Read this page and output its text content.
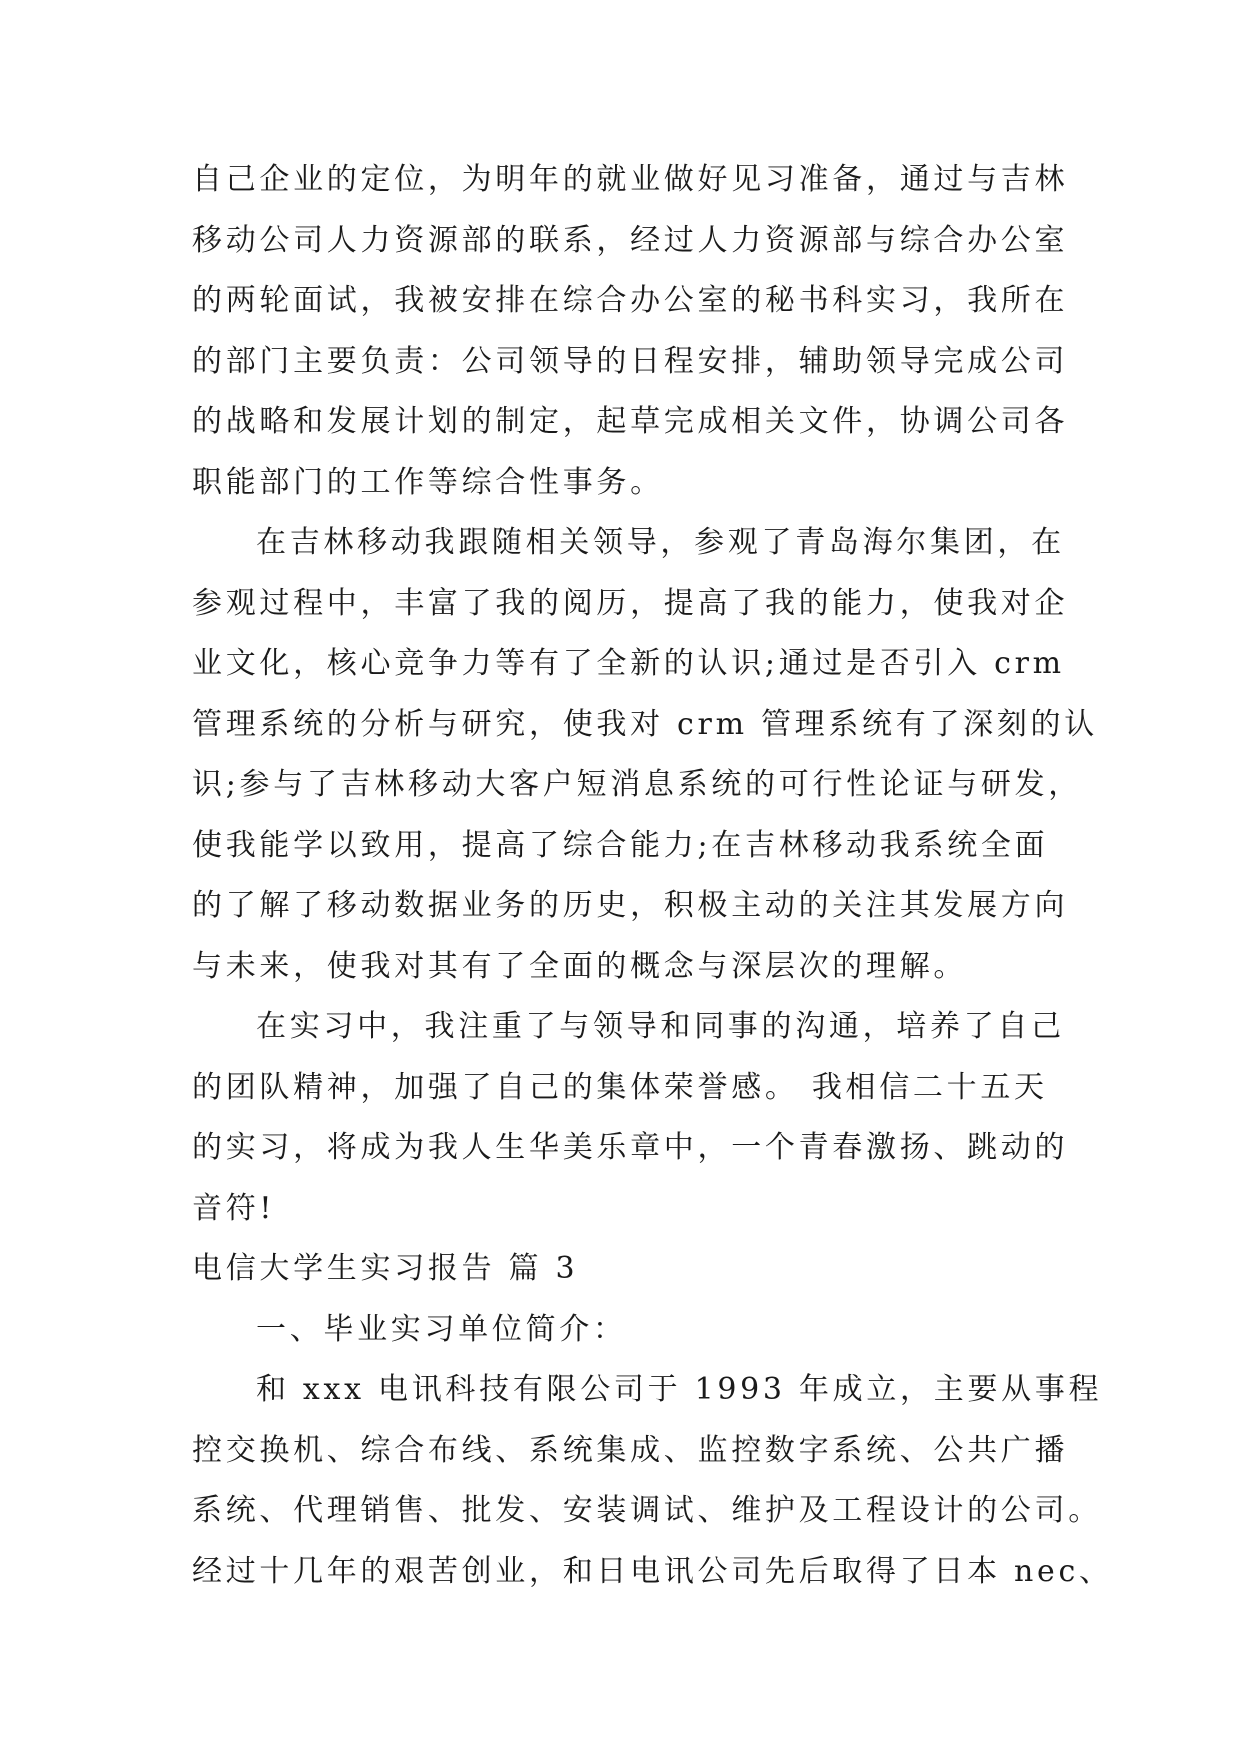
自己企业的定位，为明年的就业做好见习准备，通过与吉林
移动公司人力资源部的联系，经过人力资源部与综合办公室
的两轮面试，我被安排在综合办公室的秘书科实习，我所在
的部门主要负责：公司领导的日程安排，辅助领导完成公司
的战略和发展计划的制定，起草完成相关文件，协调公司各
职能部门的工作等综合性事务。
在吉林移动我跟随相关领导，参观了青岛海尔集团，在
参观过程中，丰富了我的阅历，提高了我的能力，使我对企
业文化，核心竞争力等有了全新的认识;通过是否引入 crm
管理系统的分析与研究，使我对 crm 管理系统有了深刻的认
识;参与了吉林移动大客户短消息系统的可行性论证与研发，
使我能学以致用，提高了综合能力;在吉林移动我系统全面
的了解了移动数据业务的历史，积极主动的关注其发展方向
与未来，使我对其有了全面的概念与深层次的理解。
在实习中，我注重了与领导和同事的沟通，培养了自己
的团队精神，加强了自己的集体荣誉感。 我相信二十五天
的实习，将成为我人生华美乐章中，一个青春激扬、跳动的
音符!
电信大学生实习报告 篇 3
一、毕业实习单位简介：
和 xxx 电讯科技有限公司于 1993 年成立，主要从事程
控交换机、综合布线、系统集成、监控数字系统、公共广播
系统、代理销售、批发、安装调试、维护及工程设计的公司。
经过十几年的艰苦创业，和日电讯公司先后取得了日本 nec、
